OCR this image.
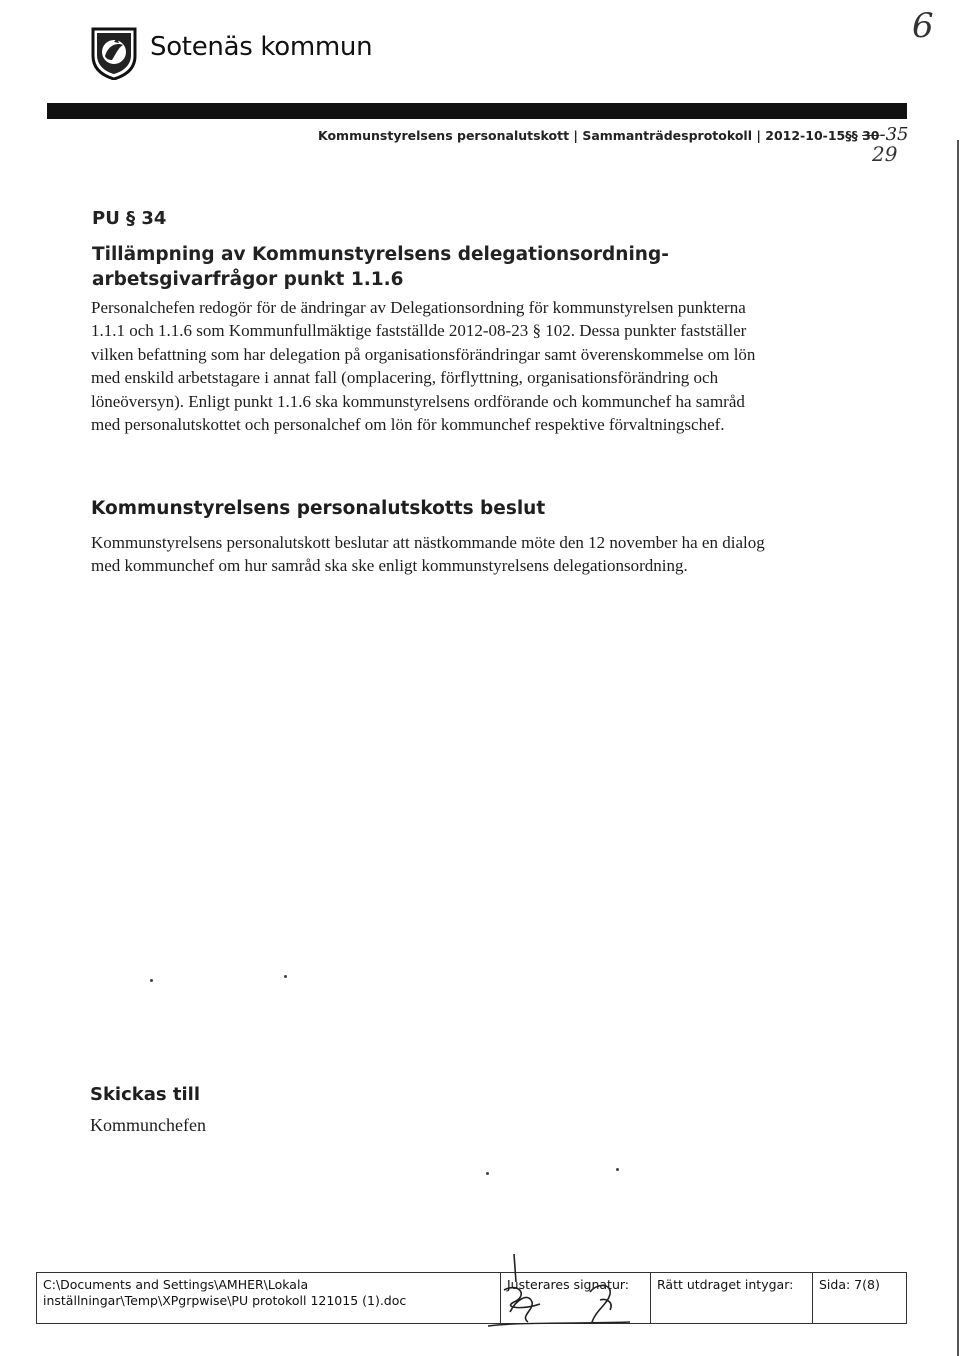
Sotenäs kommun
6
Kommunstyrelsens personalutskott | Sammanträdesprotokoll | 2012-10-15§§ 30-35
29
PU § 34
Tillämpning av Kommunstyrelsens delegationsordning-
arbetsgivarfrågor punkt 1.1.6
Personalchefen redogör för de ändringar av Delegationsordning för kommunstyrelsen punkterna
1.1.1 och 1.1.6 som Kommunfullmäktige fastställde 2012-08-23 § 102. Dessa punkter fastställer
vilken befattning som har delegation på organisationsförändringar samt överenskommelse om lön
med enskild arbetstagare i annat fall (omplacering, förflyttning, organisationsförändring och
löneöversyn). Enligt punkt 1.1.6 ska kommunstyrelsens ordförande och kommunchef ha samråd
med personalutskottet och personalchef om lön för kommunchef respektive förvaltningschef.
Kommunstyrelsens personalutskotts beslut
Kommunstyrelsens personalutskott beslutar att nästkommande möte den 12 november ha en dialog
med kommunchef om hur samråd ska ske enligt kommunstyrelsens delegationsordning.
Skickas till
Kommunchefen
C:\Documents and Settings\AMHER\Lokala
inställningar\Temp\XPgrpwise\PU protokoll 121015 (1).doc
Justerares signatur:	Rätt utdraget intygar:	Sida: 7(8)
